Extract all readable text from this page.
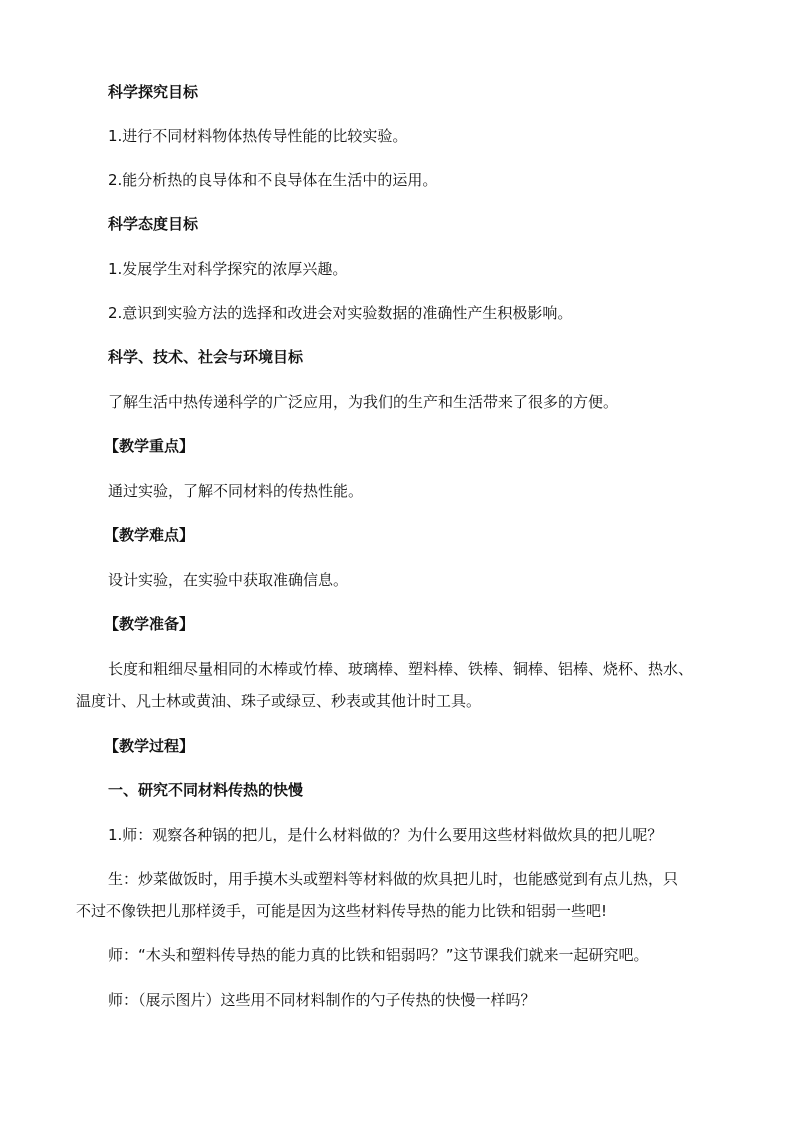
科学探究目标
1.进行不同材料物体热传导性能的比较实验。
2.能分析热的良导体和不良导体在生活中的运用。
科学态度目标
1.发展学生对科学探究的浓厚兴趣。
2.意识到实验方法的选择和改进会对实验数据的准确性产生积极影响。
科学、技术、社会与环境目标
了解生活中热传递科学的广泛应用，为我们的生产和生活带来了很多的方便。
【教学重点】
通过实验，了解不同材料的传热性能。
【教学难点】
设计实验，在实验中获取准确信息。
【教学准备】
长度和粗细尽量相同的木棒或竹棒、玻璃棒、塑料棒、铁棒、铜棒、铝棒、烧杯、热水、
温度计、凡士林或黄油、珠子或绿豆、秒表或其他计时工具。
【教学过程】
一、研究不同材料传热的快慢
1.师：观察各种锅的把儿，是什么材料做的？为什么要用这些材料做炊具的把儿呢？
生：炒菜做饭时，用手摸木头或塑料等材料做的炊具把儿时，也能感觉到有点儿热，只
不过不像铁把儿那样烫手，可能是因为这些材料传导热的能力比铁和铝弱一些吧!
师：“木头和塑料传导热的能力真的比铁和铝弱吗？”这节课我们就来一起研究吧。
师：（展示图片）这些用不同材料制作的勺子传热的快慢一样吗？
